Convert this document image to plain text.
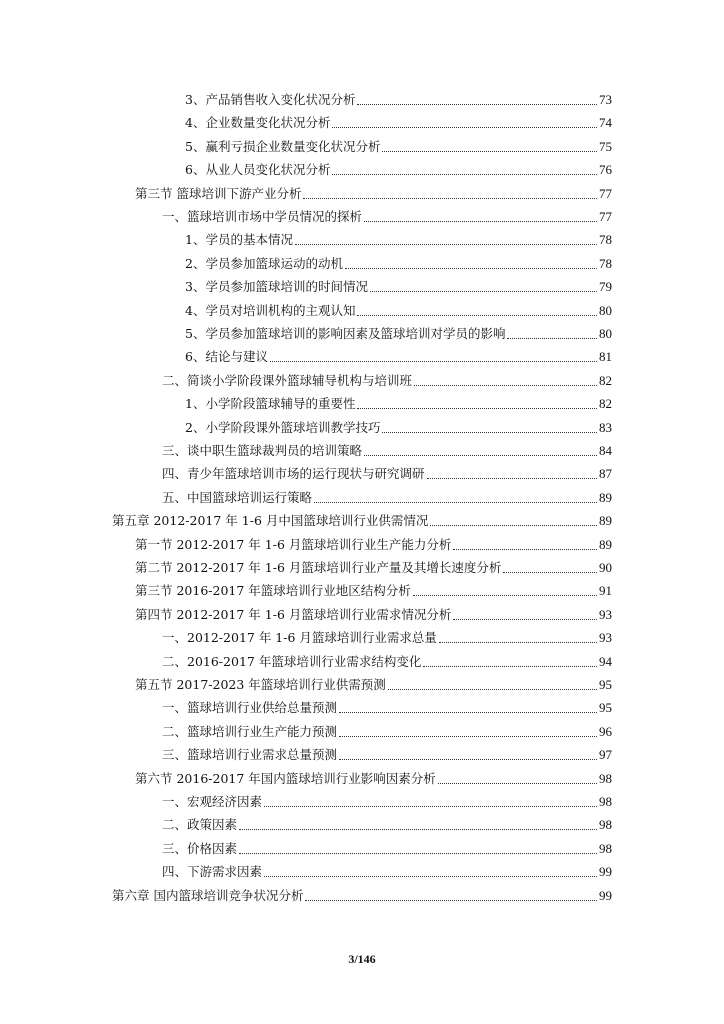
3、产品销售收入变化状况分析	73
4、企业数量变化状况分析	74
5、赢利亏损企业数量变化状况分析	75
6、从业人员变化状况分析	76
第三节 篮球培训下游产业分析	77
一、篮球培训市场中学员情况的探析	77
1、学员的基本情况	78
2、学员参加篮球运动的动机	78
3、学员参加篮球培训的时间情况	79
4、学员对培训机构的主观认知	80
5、学员参加篮球培训的影响因素及篮球培训对学员的影响	80
6、结论与建议	81
二、简谈小学阶段课外篮球辅导机构与培训班	82
1、小学阶段篮球辅导的重要性	82
2、小学阶段课外篮球培训教学技巧	83
三、谈中职生篮球裁判员的培训策略	84
四、青少年篮球培训市场的运行现状与研究调研	87
五、中国篮球培训运行策略	89
第五章 2012-2017 年 1-6 月中国篮球培训行业供需情况	89
第一节 2012-2017 年 1-6 月篮球培训行业生产能力分析	89
第二节 2012-2017 年 1-6 月篮球培训行业产量及其增长速度分析	90
第三节 2016-2017 年篮球培训行业地区结构分析	91
第四节 2012-2017 年 1-6 月篮球培训行业需求情况分析	93
一、2012-2017 年 1-6 月篮球培训行业需求总量	93
二、2016-2017 年篮球培训行业需求结构变化	94
第五节 2017-2023 年篮球培训行业供需预测	95
一、篮球培训行业供给总量预测	95
二、篮球培训行业生产能力预测	96
三、篮球培训行业需求总量预测	97
第六节 2016-2017 年国内篮球培训行业影响因素分析	98
一、宏观经济因素	98
二、政策因素	98
三、价格因素	98
四、下游需求因素	99
第六章 国内篮球培训竞争状况分析	99
3/146
